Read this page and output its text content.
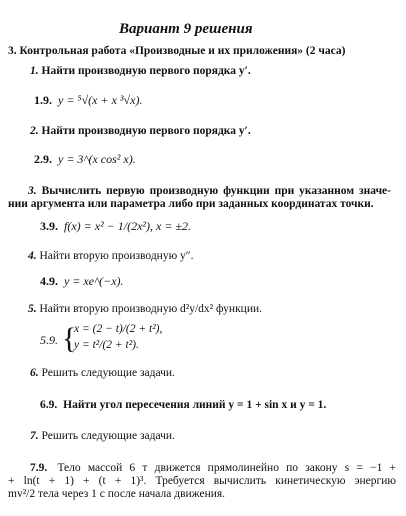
Вариант 9 решения
3. Контрольная работа «Производные и их приложения» (2 часа)
1. Найти производную первого порядка y′.
1.9. y = ⁵√(x + x ³√x).
2. Найти производную первого порядка y′.
2.9. y = 3^(x cos² x).
3. Вычислить первую производную функции при указанном значе-
нии аргумента или параметра либо при заданных координатах точки.
3.9. f(x) = x² − 1/(2x²), x = ±2.
4. Найти вторую производную y″.
4.9. y = xe^(−x).
5. Найти вторую производную d²y/dx² функции.
5.9. {
x = (2 − t)/(2 + t²),
y = t²/(2 + t²).
6. Решить следующие задачи.
6.9. Найти угол пересечения линий y = 1 + sin x и y = 1.
7. Решить следующие задачи.
7.9. Тело массой 6 т движется прямолинейно по закону s = −1 +
+ ln(t + 1) + (t + 1)³. Требуется вычислить кинетическую энергию
mv²/2 тела через 1 с после начала движения.
